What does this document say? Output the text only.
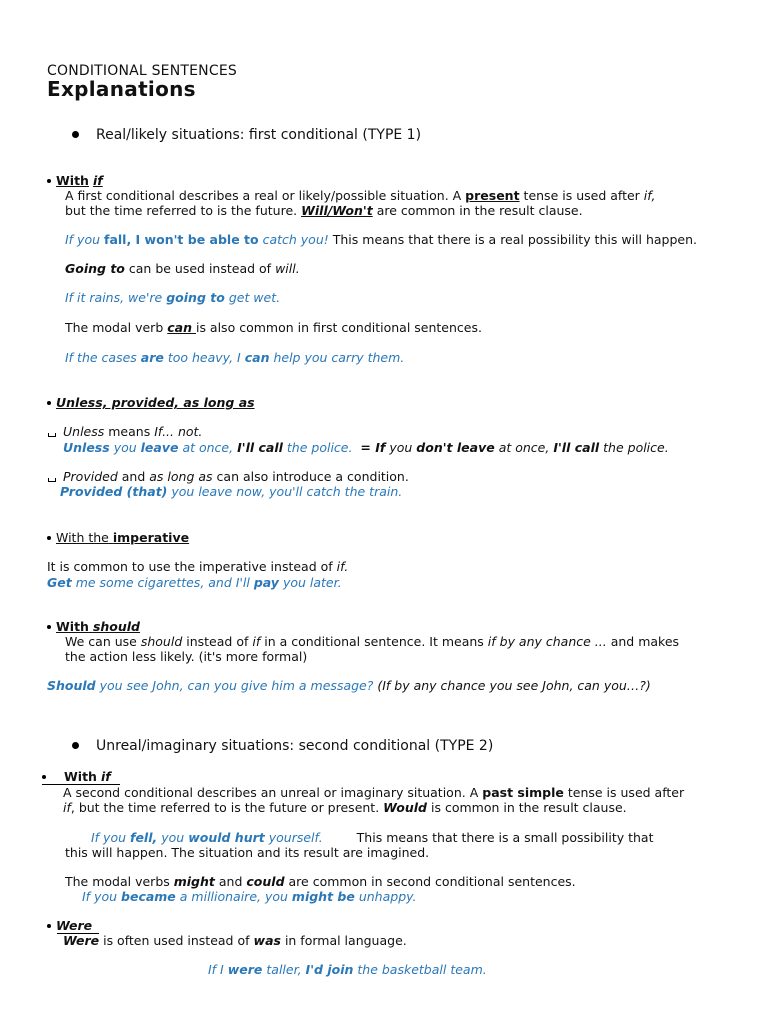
CONDITIONAL SENTENCES
Explanations
Real/likely situations: first conditional (TYPE 1)
With if
A first conditional describes a real or likely/possible situation. A present tense is used after if,
but the time referred to is the future. Will/Won't are common in the result clause.
If you fall, I won't be able to catch you! This means that there is a real possibility this will happen.
Going to can be used instead of will.
If it rains, we're going to get wet.
The modal verb can is also common in first conditional sentences.
If the cases are too heavy, I can help you carry them.
Unless, provided, as long as
Unless means If... not.
Unless you leave at once, I'll call the police. = If you don't leave at once, I'll call the police.
Provided and as long as can also introduce a condition.
Provided (that) you leave now, you'll catch the train.
With the imperative
It is common to use the imperative instead of if.
Get me some cigarettes, and I'll pay you later.
With should
We can use should instead of if in a conditional sentence. It means if by any chance ... and makes
the action less likely. (it's more formal)
Should you see John, can you give him a message? (If by any chance you see John, can you…?)
Unreal/imaginary situations: second conditional (TYPE 2)
With if
A second conditional describes an unreal or imaginary situation. A past simple tense is used after
if, but the time referred to is the future or present. Would is common in the result clause.
If you fell, you would hurt yourself.	This means that there is a small possibility that
this will happen. The situation and its result are imagined.
The modal verbs might and could are common in second conditional sentences.
If you became a millionaire, you might be unhappy.
Were
Were is often used instead of was in formal language.
If I were taller, I'd join the basketball team.
